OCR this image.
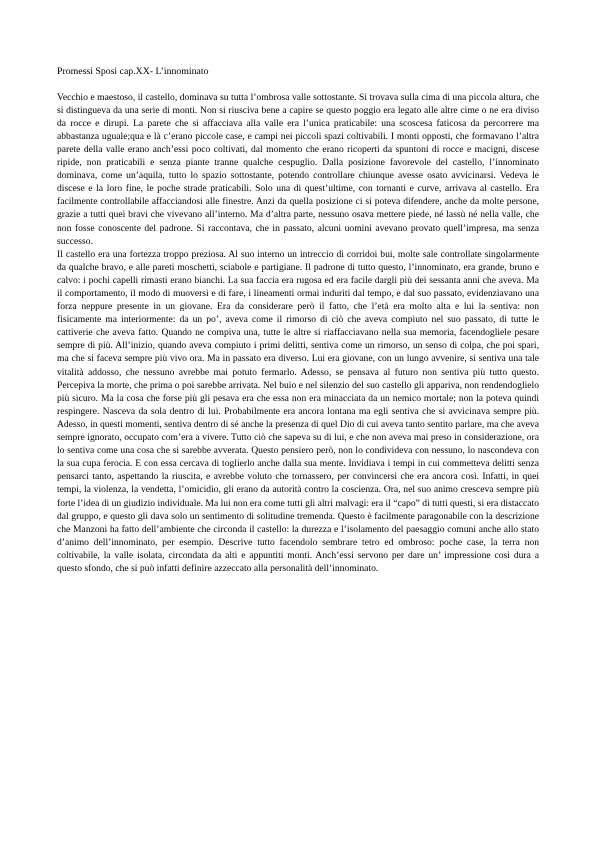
Promessi Sposi cap.XX- L’innominato

Vecchio e maestoso, il castello, dominava su tutta l’ombrosa valle sottostante. Si trovava sulla cima di una piccola altura, che si distingueva da una serie di monti. Non si riusciva bene a capire se questo poggio era legato alle altre cime o ne era diviso da rocce e dirupi. La parete che si affacciava alla valle era l’unica praticabile: una scoscesa faticosa da percorrere ma abbastanza uguale;qua e là c’erano piccole case, e campi nei piccoli spazi coltivabili. I monti opposti, che formavano l’altra parete della valle erano anch’essi poco coltivati, dal momento che erano ricoperti da spuntoni di rocce e macigni, discese ripide, non praticabili e senza piante tranne qualche cespuglio. Dalla posizione favorevole del castello, l’innominato dominava, come un’aquila, tutto lo spazio sottostante, potendo controllare chiunque avesse osato avvicinarsi. Vedeva le discese e la loro fine, le poche strade praticabili. Solo una di quest’ultime, con tornanti e curve, arrivava al castello. Era facilmente controllabile affacciandosi alle finestre. Anzi da quella posizione ci si poteva difendere, anche da molte persone, grazie a tutti quei bravi che vivevano all’interno. Ma d’altra parte, nessuno osava mettere piede, né lassù né nella valle, che non fosse conoscente del padrone. Si raccontava, che in passato, alcuni uomini avevano provato quell’impresa, ma senza successo.

Il castello era una fortezza troppo preziosa. Al suo interno un intreccio di corridoi bui, molte sale controllate singolarmente da qualche bravo, e alle pareti moschetti, sciabole e partigiane. Il padrone di tutto questo, l’innominato, era grande, bruno e calvo: i pochi capelli rimasti erano bianchi. La sua faccia era rugosa ed era facile dargli più dei sessanta anni che aveva. Ma il comportamento, il modo di muoversi e di fare, i lineamenti ormai induriti dal tempo, e dal suo passato, evidenziavano una forza neppure presente in un giovane. Era da considerare però il fatto, che l’età era molto alta e lui la sentiva: non fisicamente ma interiormente: da un po’, aveva come il rimorso di ciò che aveva compiuto nel suo passato, di tutte le cattiverie che aveva fatto. Quando ne compiva una, tutte le altre si riaffacciavano nella sua memoria, facendogliele pesare sempre di più. All’inizio, quando aveva compiuto i primi delitti, sentiva come un rimorso, un senso di colpa, che poi sparì, ma che si faceva sempre più vivo ora. Ma in passato era diverso. Lui era giovane, con un lungo avvenire, si sentiva una tale vitalità addosso, che nessuno avrebbe mai potuto fermarlo. Adesso, se pensava al futuro non sentiva più tutto questo. Percepiva la morte, che prima o poi sarebbe arrivata. Nel buio e nel silenzio del suo castello gli appariva, non rendendoglielo più sicuro. Ma la cosa che forse più gli pesava era che essa non era minacciata da un nemico mortale; non la poteva quindi respingere. Nasceva da sola dentro di lui. Probabilmente era ancora lontana ma egli sentiva che si avvicinava sempre più. Adesso, in questi momenti, sentiva dentro di sé anche la presenza di quel Dio di cui aveva tanto sentito parlare, ma che aveva sempre ignorato, occupato com’era a vivere. Tutto ciò che sapeva su di lui, e che non aveva mai preso in considerazione, ora lo sentiva come una cosa che si sarebbe avverata. Questo pensiero però, non lo condivideva con nessuno, lo nascondeva con la sua cupa ferocia. E con essa cercava di toglierlo anche dalla sua mente. Invidiava i tempi in cui commetteva delitti senza pensarci tanto, aspettando la riuscita, e avrebbe voluto che tornassero, per convincersi che era ancora così. Infatti, in quei tempi, la violenza, la vendetta, l’omicidio, gli erano da autorità contro la coscienza. Ora, nel suo animo cresceva sempre più forte l’idea di un giudizio individuale. Ma lui non era come tutti gli altri malvagi: era il “capo” di tutti questi, si era distaccato dal gruppo, e questo gli dava solo un sentimento di solitudine tremenda. Questo è facilmente paragonabile con la descrizione che Manzoni ha fatto dell’ambiente che circonda il castello: la durezza e l’isolamento del paesaggio comuni anche allo stato d’animo dell’innominato, per esempio. Descrive tutto facendolo sembrare tetro ed ombroso: poche case, la terra non coltivabile, la valle isolata, circondata da alti e appuntiti monti. Anch’essi servono per dare un’ impressione così dura a questo sfondo, che si può infatti definire azzeccato alla personalità dell’innominato.
